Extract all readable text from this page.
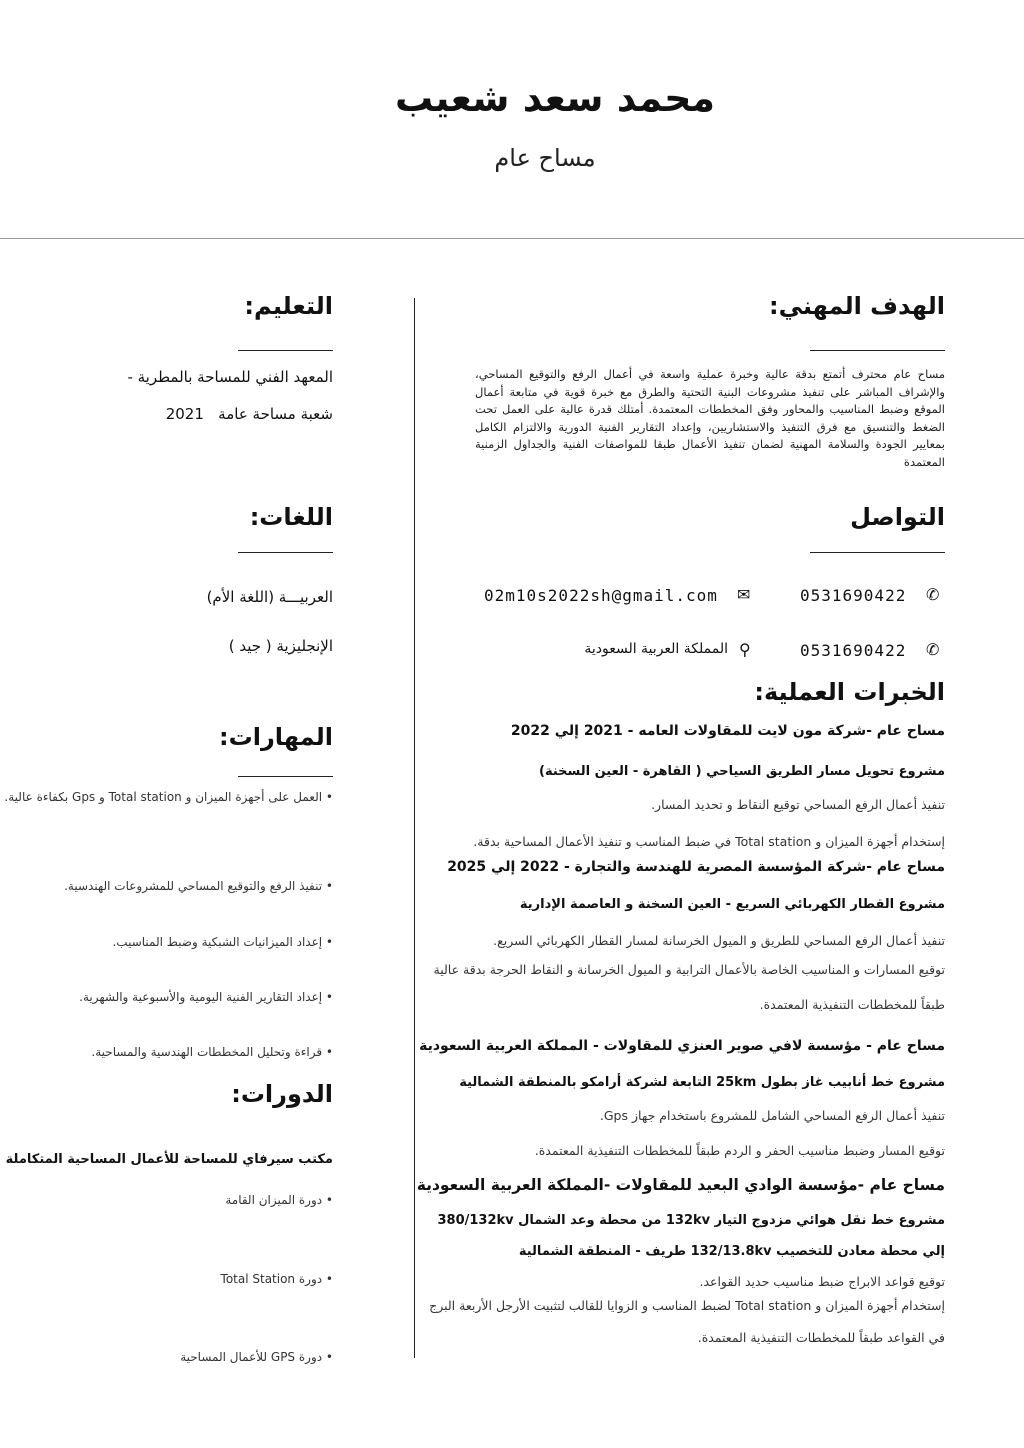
محمد سعد شعيب
مساح عام
الهدف المهني:
مساح عام محترف أتمتع بدقة عالية وخبرة عملية واسعة في أعمال الرفع والتوقيع المساحي، والإشراف المباشر على تنفيذ مشروعات البنية التحتية والطرق مع خبرة قوية في متابعة أعمال الموقع وضبط المناسيب والمحاور وفق المخططات المعتمدة. أمتلك قدرة عالية على العمل تحت الضغط والتنسيق مع فرق التنفيذ والاستشاريين، وإعداد التقارير الفنية الدورية والالتزام الكامل بمعايير الجودة والسلامة المهنية لضمان تنفيذ الأعمال طبقا للمواصفات الفنية والجداول الزمنية المعتمدة
التواصل
✆
0531690422
✉
02m10s2022sh@gmail.com
✆
0531690422
⚲
المملكة العربية السعودية
الخبرات العملية:
مساح عام -شركة مون لايت للمقاولات العامه - 2021 إلي 2022
مشروع تحويل مسار الطريق السياحي ( القاهرة - العين السخنة)
تنفيذ أعمال الرفع المساحي توقيع النقاط و تحديد المسار.
إستخدام أجهزة الميزان و Total station في ضبط المناسب و تنفيذ الأعمال المساحية بدقة.
مساح عام -شركة المؤسسة المصرية للهندسة والتجارة - 2022 إلي 2025
مشروع القطار الكهربائي السريع - العين السخنة و العاصمة الإدارية
تنفيذ أعمال الرفع المساحي للطريق و الميول الخرسانة لمسار القطار الكهربائي السريع.
توقيع المسارات و المناسيب الخاصة بالأعمال الترابية و الميول الخرسانة و النقاط الحرجة بدقة عالية طبقاً للمخططات التنفيذية المعتمدة.
مساح عام - مؤسسة لافي صوير العنزي للمقاولات - المملكة العربية السعودية
مشروع خط أنابيب غاز بطول 25km التابعة لشركة أرامكو بالمنطقة الشمالية
تنفيذ أعمال الرفع المساحي الشامل للمشروع باستخدام جهاز Gps.
توقيع المسار وضبط مناسيب الحفر و الردم طبقاً للمخططات التنفيذية المعتمدة.
مساح عام -مؤسسة الوادي البعيد للمقاولات -المملكة العربية السعودية
مشروع خط نقل هوائي مزدوج التيار 132kv من محطة وعد الشمال 380/132kv إلي محطة معادن للتخصيب 132/13.8kv طريف - المنطقة الشمالية
توقيع قواعد الابراج ضبط مناسيب حديد القواعد.
إستخدام أجهزة الميزان و Total station لضبط المناسب و الزوايا للقالب لتثبيت الأرجل الأربعة البرج في القواعد طبقاً للمخططات التنفيذية المعتمدة.
التعليم:
المعهد الفني للمساحة بالمطرية -
شعبة مساحة عامة   2021
اللغات:
العربيـــة (اللغة الأم)
الإنجليزية ( جيد )
المهارات:
• العمل على أجهزة الميزان و Total station و Gps بكفاءة عالية.
• تنفيذ الرفع والتوقيع المساحي للمشروعات الهندسية.
• إعداد الميزانيات الشبكية وضبط المناسيب.
• إعداد التقارير الفنية اليومية والأسبوعية والشهرية.
• قراءة وتحليل المخططات الهندسية والمساحية.
الدورات:
مكتب سيرفاي للمساحة للأعمال المساحية المتكاملة
• دورة الميزان القامة
• دورة Total Station
• دورة GPS للأعمال المساحية
